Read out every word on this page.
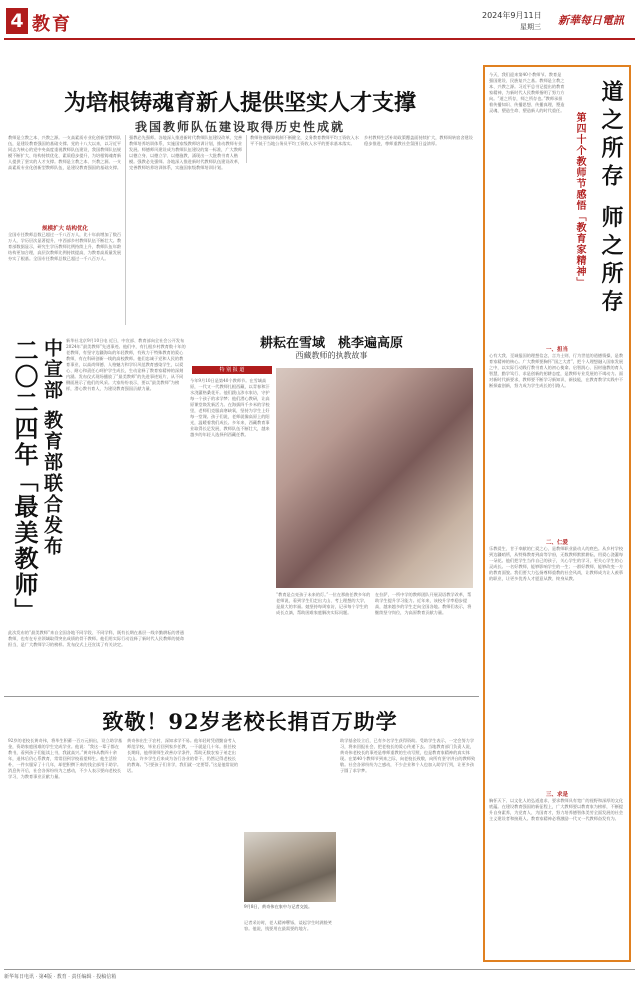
4 教育	2024年9月11日
星期三 新華每日電訊
为培根铸魂育新人提供坚实人才支撑
我国教师队伍建设取得历史性成就
教师是立教之本、兴教之源。一支高素质专业化创新型教师队伍，是建设教育强国的基础支撑。党的十八大以来，以习近平同志为核心的党中央高度重视教师队伍建设，我国教师队伍规模不断扩大、结构持续优化、素质稳步提升，为培根铸魂育新人提供了坚实的人才支撑。教师是立教之本、兴教之源。一支高素质专业化创新型教师队伍，是建设教育强国的基础支撑。
规模扩大 结构优化
全国专任教师总数已超过一千八百万人，比十年前增加了数百万人，学历层次显著提升，中西部乡村教师队伍不断壮大。教育部数据显示，研究生学历教师比例持续上升，教师队伍年龄结构更加合理，高层次教师比例持续提高，为教育高质量发展夯实了根基。全国专任教师总数已超过一千八百万人。
强教必先强师。各地深入推进新时代教师队伍建设改革，完善教师培养培训体系，实施国家级教师培训计划，推动教师专业发展。师德师风建设成为教师队伍建设的第一标准，广大教师以德立身、以德立学、以德施教，涌现出一大批教书育人楷模。强教必先强师。各地深入推进新时代教师队伍建设改革，完善教师培养培训体系，实施国家级教师培训计划。
教师待遇保障机制不断健全，义务教育教师平均工资收入水平不低于当地公务员平均工资收入水平的要求基本落实。
乡村教师生活补助政策覆盖面持续扩大，教师周转宿舍建设稳步推进，尊师重教社会氛围日益浓厚。
二〇二四年「最美教师」 中宣部 教育部联合发布 新华社北京9月10日电 近日，中宣部、教育部向全社会公开发布2024年“最美教师”先进事迹。他们中，有扎根乡村教育数十年的老教师，有坚守边疆海岛的年轻教师，有致力于特殊教育的爱心教师，有在科研创新一线的高校教师。他们忠诚于党和人民的教育事业，以高尚师德、人格魅力和学识风范教育感染学生，以爱心、耐心和责任心呵护学生成长，生动诠释了教育家精神的深刻内涵。发布仪式现场播放了“最美教师”的先进事迹短片，从不同侧面展示了他们的风采。大家纷纷表示，要以“最美教师”为榜样，潜心教书育人，为建设教育强国贡献力量。
此次发布的“最美教师”来自全国各地不同学段、不同学科，既有长期在基层一线辛勤耕耘的普通教师，也有在专业领域取得突出成绩的骨干教师。他们用实际行动诠释了新时代人民教师的使命担当，是广大教师学习的榜样。发布仪式上还宣读了有关决定。
耕耘在雪域　桃李遍高原
西藏教师的执教故事
特 别 报 道
今年9月10日是第40个教师节。在雪域高原，一代又一代教师扎根西藏，以青春和汗水浇灌格桑花开。他们跋山涉水家访，守护每一个孩子的求学梦；他们潜心教研，让高原课堂焕发新活力。在海拔四千多米的学校里，老师们克服高寒缺氧，坚持为学生上好每一堂课。孩子们说，老师就像高原上的阳光，温暖着我们成长。多年来，西藏教育事业取得长足发展，教师队伍不断壮大，越来越多的年轻人选择到西藏任教。
“教育是点亮孩子未来的灯。”一位在那曲任教多年的老师说，看到学生们走出大山、考上理想的大学，是最大的幸福。她坚持每周家访，记录每个学生的成长点滴，帮助困难家庭解决实际问题。
在拉萨，一所中学的教师团队开展双语教学改革，帮助学生提升学习能力。近年来，该校升学率稳步提高，越来越多的学生走向全国各地。教师们表示，将继续坚守岗位，为高原教育贡献力量。
致敬！92岁老校长捐百万助学
92岁的老校长黄奇伟，将毕生积蓄一百万元捐出，设立助学基金，资助家庭困难的学生完成学业。他说：“我这一辈子都在教书，看到孩子们能读上书，我就高兴。”黄奇伟从教四十余年，退休后仍心系教育，常常回到学校看望师生。他生活俭朴，一件衣服穿了十几年，却把积攒下来的钱全部用于助学。消息传开后，社会各界纷纷为之感动，不少人表示要向老校长学习，为教育事业贡献力量。
黄奇伟出生于农村，深知求学不易。他年轻时凭借勤奋考入师范学校，毕业后回到家乡任教，一干就是几十年。担任校长期间，他带领师生改善办学条件，帮助无数农家子弟走出大山。许多学生后来成为各行各业的骨干，仍然记得老校长的教诲。“只要孩子们肯学，我们就一定要帮。”这是他常说的话。
9月8日，黄奇伟在家中与记者交流。
记者采访时，老人精神矍铄，谈起学生时满脸笑容。他说，钱要用在最需要的地方。
助学基金设立后，已有多名学生获得资助。受助学生表示，一定会努力学习，将来回报社会，把老校长的爱心传递下去。当地教育部门负责人说，黄奇伟老校长的事迹是尊师重教的生动写照，也是教育家精神的真实体现。在第40个教师节到来之际，向老校长致敬，向所有坚守讲台的教师致敬。社会各界纷纷为之感动，不少企业和个人也加入助学行列，让更多孩子圆了求学梦。
道之所存 师之所存
第四十个教师节感悟「教育家精神」
今天，我们迎来第40个教师节。教育是强国建设、民族复兴之基。教师是立教之本、兴教之源。习近平总书记提出的教育家精神，为新时代人民教师指明了努力方向。“道之所存，师之所存也。”教师承担着传播知识、传播思想、传播真理，塑造灵魂、塑造生命、塑造新人的时代重任。
一、担当
心有大我、至诚报国的理想信念，言为士则、行为世范的道德情操，是教育家精神的核心。广大教师要胸怀“国之大者”，把个人理想融入国家发展之中，以实际行动践行教书育人的初心使命。启智润心、因材施教的育人智慧，勤学笃行、求是创新的躬耕态度，是教师专业发展的不竭动力。面对新时代新要求，教师要不断学习新知识、新技能，在教育教学实践中不断探索创新，努力成为学生成长的引路人。
二、仁爱
乐教爱生、甘于奉献的仁爱之心，是教师职业最动人的底色。从乡村学校到边疆哨所，从特殊教育到高等学府，无数教师默默耕耘，用爱心浇灌每一朵花。他们把学生当作自己的孩子，关心学生的学习，更关心学生的心灵成长。一名好教师，能够影响学生的一生；一群好教师，能够改变一方的教育面貌。我们要大力弘扬尊师重教的社会风尚，让教师成为让人羡慕的职业，让更多优秀人才愿意从教、终身从教。
三、求是
胸怀天下、以文化人的弘道追求，要求教师具有宽广的视野和深厚的文化底蕴。在建设教育强国的新征程上，广大教师要以教育家为榜样，不断提升自身素养，为党育人、为国育才，努力培养德智体美劳全面发展的社会主义建设者和接班人。教育家精神必将激励一代又一代教师奋发有为。
新华每日电讯 · 第4版 · 教育 · 责任编辑 · 投稿信箱
